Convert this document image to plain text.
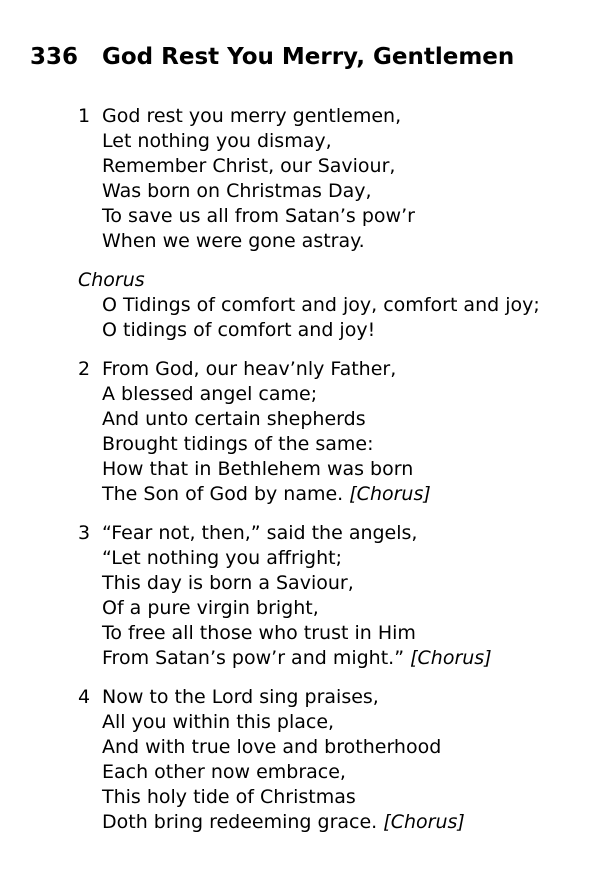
336 God Rest You Merry, Gentlemen
1 God rest you merry gentlemen,
Let nothing you dismay,
Remember Christ, our Saviour,
Was born on Christmas Day,
To save us all from Satan’s pow’r
When we were gone astray.
Chorus
O Tidings of comfort and joy, comfort and joy;
O tidings of comfort and joy!
2 From God, our heav’nly Father,
A blessed angel came;
And unto certain shepherds
Brought tidings of the same:
How that in Bethlehem was born
The Son of God by name. [Chorus]
3 “Fear not, then,” said the angels,
“Let nothing you affright;
This day is born a Saviour,
Of a pure virgin bright,
To free all those who trust in Him
From Satan’s pow’r and might.” [Chorus]
4 Now to the Lord sing praises,
All you within this place,
And with true love and brotherhood
Each other now embrace,
This holy tide of Christmas
Doth bring redeeming grace. [Chorus]
